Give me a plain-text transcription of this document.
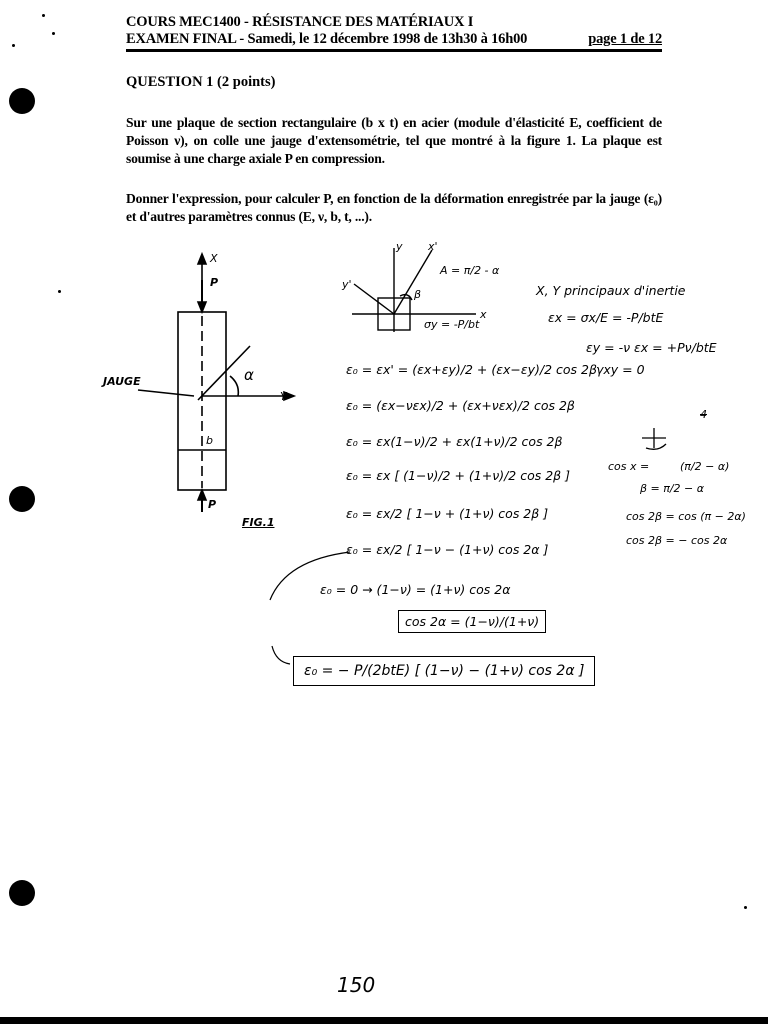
COURS MEC1400 - RÉSISTANCE DES MATÉRIAUX I
EXAMEN FINAL - Samedi, le 12 décembre 1998 de 13h30 à 16h00	page 1 de 12
QUESTION 1 (2 points)
Sur une plaque de section rectangulaire (b x t) en acier (module d'élasticité E, coefficient de Poisson ν), on colle une jauge d'extensométrie, tel que montré à la figure 1. La plaque est soumise à une charge axiale P en compression.
Donner l'expression, pour calculer P, en fonction de la déformation enregistrée par la jauge (ε₀) et d'autres paramètres connus (E, ν, b, t, ...).
X
P
JAUGE	α
Y
b
P
FIG.1
y x'
A = π/2 - α
y'
β
x
σy = -P/bt
X, Y principaux d'inertie
εx = σx/E = -P/btE
εy = -ν εx = +Pν/btE
γxy = 0
ε₀ = εx' = (εx+εy)/2 + (εx−εy)/2 cos 2β
ε₀ = (εx−νεx)/2 + (εx+νεx)/2 cos 2β
ε₀ = εx(1−ν)/2 + εx(1+ν)/2 cos 2β
ε₀ = εx [ (1−ν)/2 + (1+ν)/2 cos 2β ]
ε₀ = εx/2 [ 1−ν + (1+ν) cos 2β ]
ε₀ = εx/2 [ 1−ν − (1+ν) cos 2α ]
ε₀ = 0 → (1−ν) = (1+ν) cos 2α
cos 2α = (1−ν)/(1+ν)
ε₀ = − P/(2btE) [ (1−ν) − (1+ν) cos 2α ]
4
cos x =	(π/2 − α)
β = π/2 − α
cos 2β = cos (π − 2α)
cos 2β = − cos 2α
150
